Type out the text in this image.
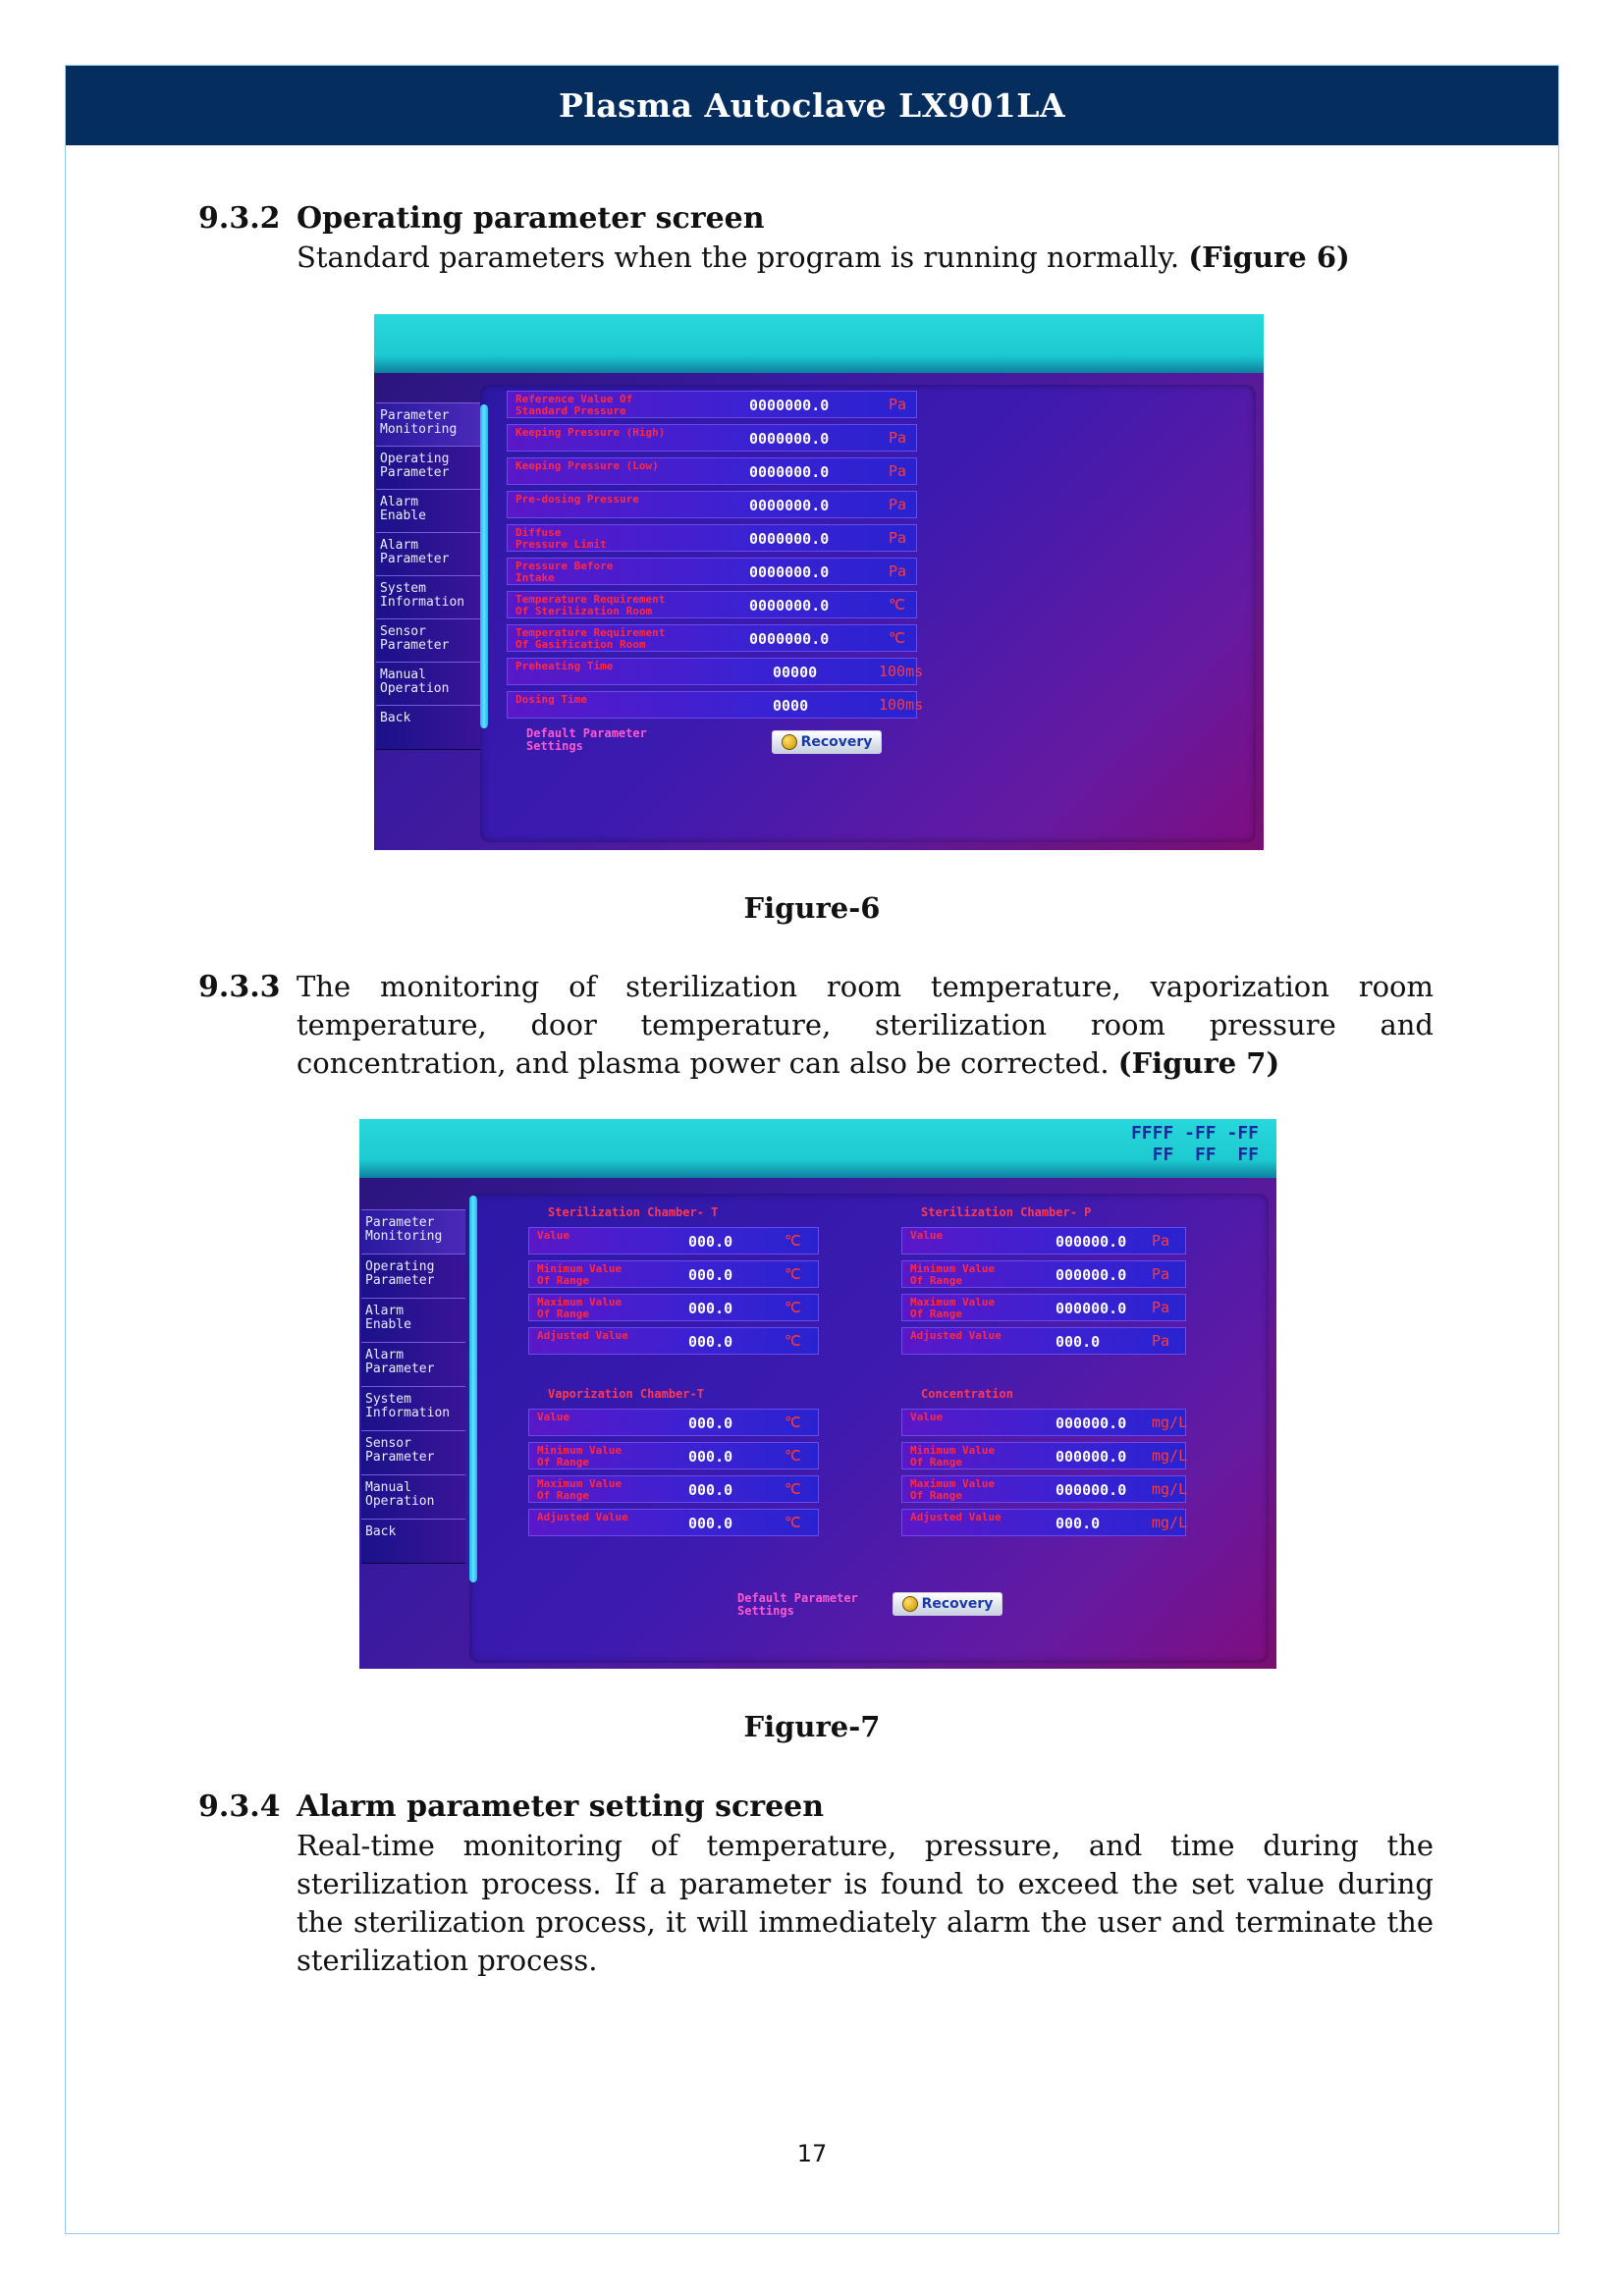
Plasma Autoclave LX901LA
9.3.2 Operating parameter screen
Standard parameters when the program is running normally. (Figure 6)
Parameter
Monitoring
Operating
Parameter
Alarm
Enable
Alarm
Parameter
System
Information
Sensor
Parameter
Manual
Operation
Back
Reference Value Of
Standard Pressure	0000000.0	Pa
Keeping Pressure (High)	0000000.0	Pa
Keeping Pressure (Low)	0000000.0	Pa
Pre-dosing Pressure	0000000.0	Pa
Diffuse
Pressure Limit	0000000.0	Pa
Pressure Before
Intake	0000000.0	Pa
Temperature Requirement
Of Sterilization Room	0000000.0	℃
Temperature Requirement
Of Gasification Room	0000000.0	℃
Preheating Time	00000	100ms
Dosing Time	0000	100ms
Default Parameter
Settings	Recovery
Figure-6
9.3.3 The monitoring of sterilization room temperature, vaporization room temperature, door temperature, sterilization room pressure and concentration, and plasma power can also be corrected. (Figure 7)
FFFF -FF -FF
FF  FF  FF
Parameter
Monitoring
Operating
Parameter
Alarm
Enable
Alarm
Parameter
System
Information
Sensor
Parameter
Manual
Operation
Back
Sterilization Chamber- T
Value	000.0	℃
Minimum Value
Of Range	000.0	℃
Maximum Value
Of Range	000.0	℃
Adjusted Value	000.0	℃
Sterilization Chamber- P
Value	000000.0 Pa
Minimum Value
Of Range	000000.0 Pa
Maximum Value
Of Range	000000.0 Pa
Adjusted Value	000.0	Pa
Vaporization Chamber-T
Value	000.0	℃
Minimum Value
Of Range	000.0	℃
Maximum Value
Of Range	000.0	℃
Adjusted Value	000.0	℃
Concentration
Value	000000.0 mg/L
Minimum Value
Of Range	000000.0 mg/L
Maximum Value
Of Range	000000.0 mg/L
Adjusted Value	000.0	mg/L
Default Parameter
Settings	Recovery
Figure-7
9.3.4 Alarm parameter setting screen
Real-time monitoring of temperature, pressure, and time during the sterilization process. If a parameter is found to exceed the set value during the sterilization process, it will immediately alarm the user and terminate the sterilization process.
17
